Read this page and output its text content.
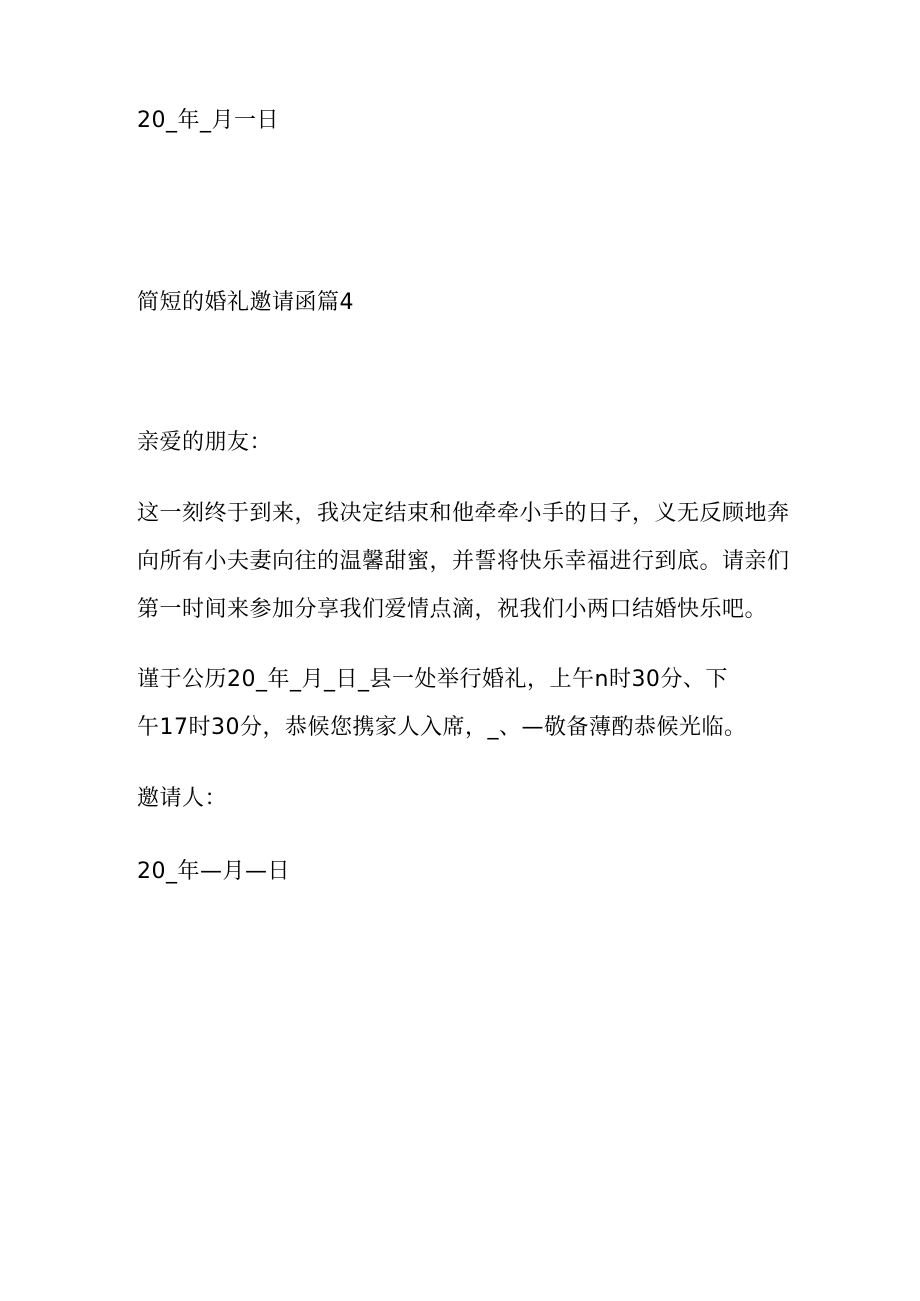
20_年_月一日
简短的婚礼邀请函篇4
亲爱的朋友：
这一刻终于到来，我决定结束和他牵牵小手的日子，义无反顾地奔
向所有小夫妻向往的温馨甜蜜，并誓将快乐幸福进行到底。请亲们
第一时间来参加分享我们爱情点滴，祝我们小两口结婚快乐吧。
谨于公历20_年_月_日_县一处举行婚礼，上午n时30分、下
午17时30分，恭候您携家人入席，_、—敬备薄酌恭候光临。
邀请人：
20_年—月—日
